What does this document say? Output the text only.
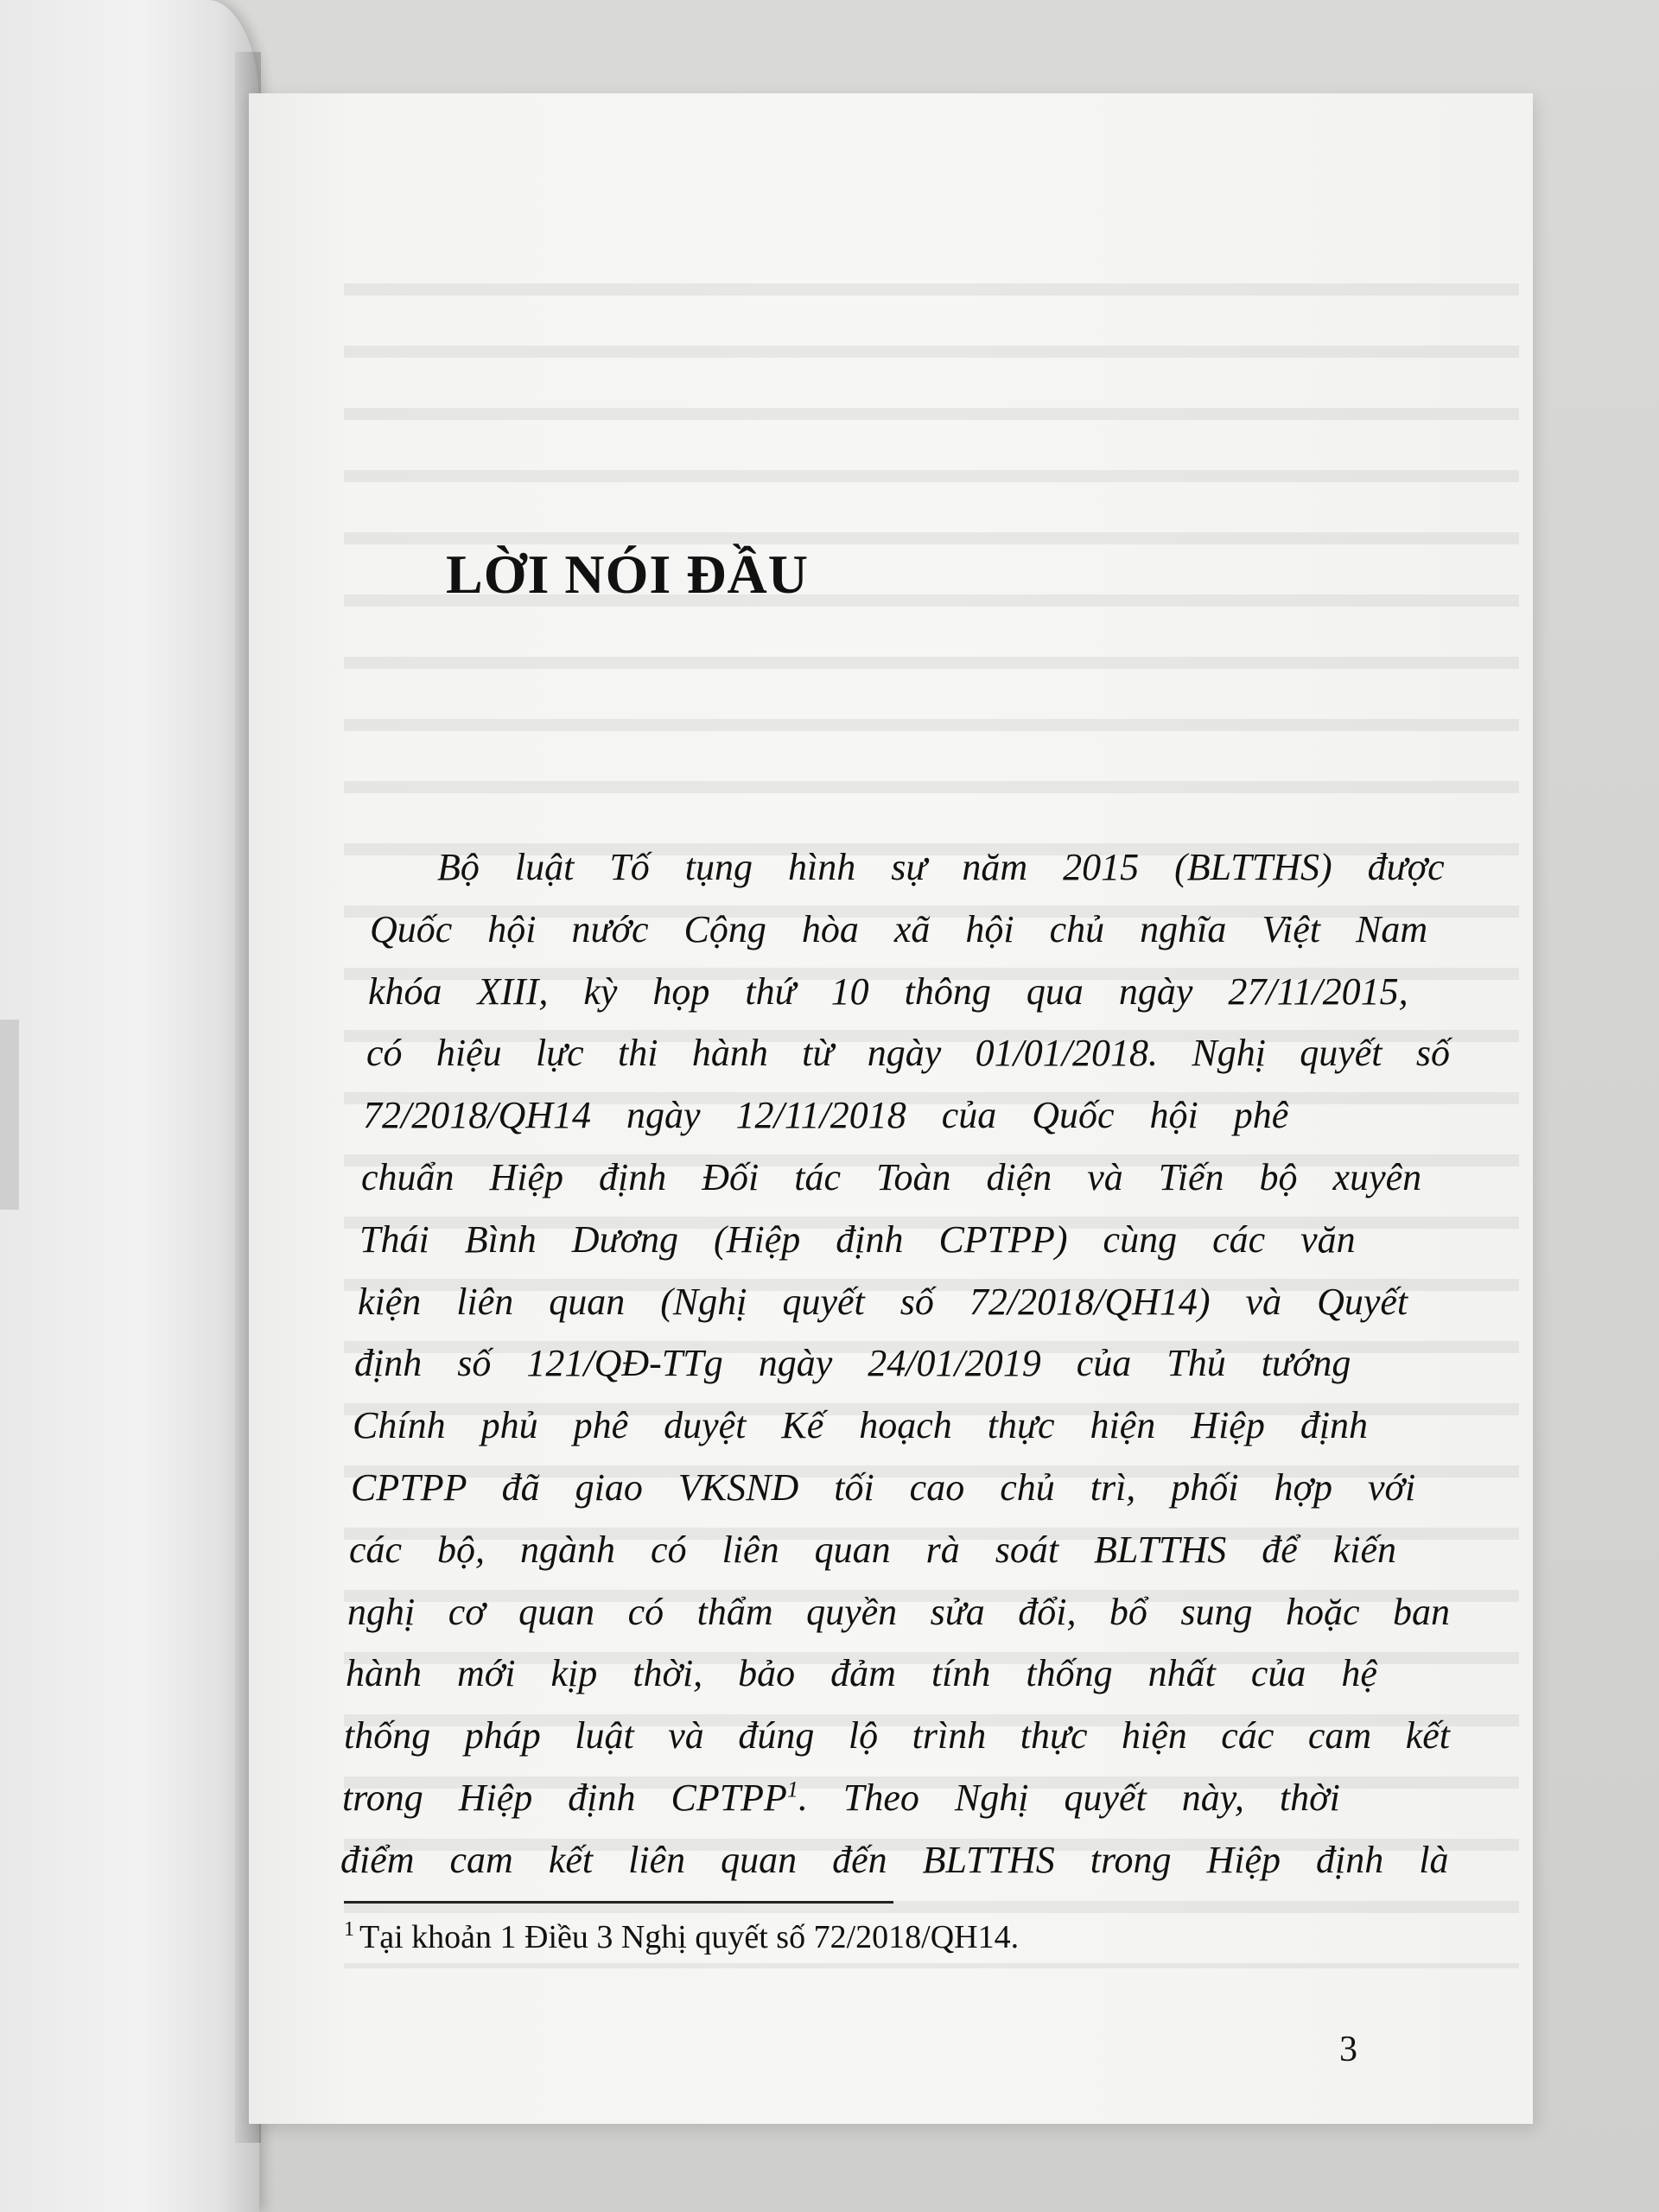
LỜI NÓI ĐẦU
Bộ luật Tố tụng hình sự năm 2015 (BLTTHS) được
Quốc hội nước Cộng hòa xã hội chủ nghĩa Việt Nam
khóa XIII, kỳ họp thứ 10 thông qua ngày 27/11/2015,
có hiệu lực thi hành từ ngày 01/01/2018. Nghị quyết số
72/2018/QH14 ngày 12/11/2018 của Quốc hội phê
chuẩn Hiệp định Đối tác Toàn diện và Tiến bộ xuyên
Thái Bình Dương (Hiệp định CPTPP) cùng các văn
kiện liên quan (Nghị quyết số 72/2018/QH14) và Quyết
định số 121/QĐ-TTg ngày 24/01/2019 của Thủ tướng
Chính phủ phê duyệt Kế hoạch thực hiện Hiệp định
CPTPP đã giao VKSND tối cao chủ trì, phối hợp với
các bộ, ngành có liên quan rà soát BLTTHS để kiến
nghị cơ quan có thẩm quyền sửa đổi, bổ sung hoặc ban
hành mới kịp thời, bảo đảm tính thống nhất của hệ
thống pháp luật và đúng lộ trình thực hiện các cam kết
trong Hiệp định CPTPP$^1$. Theo Nghị quyết này, thời
điểm cam kết liên quan đến BLTTHS trong Hiệp định là

$^1$ Tại khoản 1 Điều 3 Nghị quyết số 72/2018/QH14.

3
